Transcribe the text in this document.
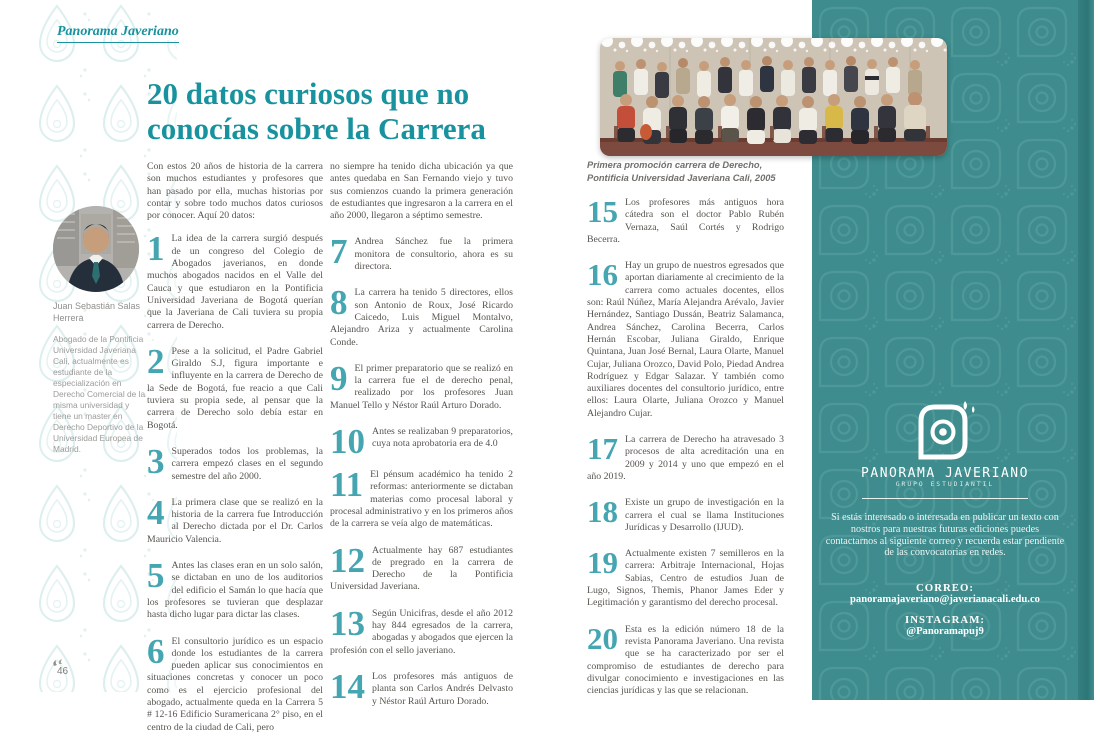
Panorama Javeriano
20 datos curiosos que no
conocías sobre la Carrera
Juan Sebastián Salas Herrera
Abogado de la Pontificia Universidad Javeriana Cali, actualmente es estudiante de la especialización en Derecho Comercial de la misma universidad y tiene un master en Derecho Deportivo de la Universidad Europea de Madrid.
Con estos 20 años de historia de la carrera son muchos estudiantes y profesores que han pasado por ella, muchas historias por contar y sobre todo muchos datos curiosos por conocer. Aquí 20 datos:
1 La idea de la carrera surgió después de un congreso del Colegio de Abogados javerianos, en donde muchos abogados nacidos en el Valle del Cauca y que estudiaron en la Pontificia Universidad Javeriana de Bogotá querían que la Javeriana de Cali tuviera su propia carrera de Derecho.
2 Pese a la solicitud, el Padre Gabriel Giraldo S.J, figura importante e influyente en la carrera de Derecho de la Sede de Bogotá, fue reacio a que Cali tuviera su propia sede, al pensar que la carrera de Derecho solo debía estar en Bogotá.
3 Superados todos los problemas, la carrera empezó clases en el segundo semestre del año 2000.
4 La primera clase que se realizó en la historia de la carrera fue Introducción al Derecho dictada por el Dr. Carlos Mauricio Valencia.
5 Antes las clases eran en un solo salón, se dictaban en uno de los auditorios del edificio el Samán lo que hacía que los profesores se tuvieran que desplazar hasta dicho lugar para dictar las clases.
6 El consultorio jurídico es un espacio donde los estudiantes de la carrera pueden aplicar sus conocimientos en situaciones concretas y conocer un poco como es el ejercicio profesional del abogado, actualmente queda en la Carrera 5 # 12-16 Edificio Suramericana 2° piso, en el centro de la ciudad de Cali, pero
no siempre ha tenido dicha ubicación ya que antes quedaba en San Fernando viejo y tuvo sus comienzos cuando la primera generación de estudiantes que ingresaron a la carrera en el año 2000, llegaron a séptimo semestre.
7 Andrea Sánchez fue la primera monitora de consultorio, ahora es su directora.
8 La carrera ha tenido 5 directores, ellos son Antonio de Roux, José Ricardo Caicedo, Luis Miguel Montalvo, Alejandro Ariza y actualmente Carolina Conde.
9 El primer preparatorio que se realizó en la carrera fue el de derecho penal, realizado por los profesores Juan Manuel Tello y Néstor Raúl Arturo Dorado.
10 Antes se realizaban 9 preparatorios, cuya nota aprobatoria era de 4.0
11 El pénsum académico ha tenido 2 reformas: anteriormente se dictaban materias como procesal laboral y procesal administrativo y en los primeros años de la carrera se veía algo de matemáticas.
12 Actualmente hay 687 estudiantes de pregrado en la carrera de Derecho de la Pontificia Universidad Javeriana.
13 Según Unicifras, desde el año 2012 hay 844 egresados de la carrera, abogadas y abogados que ejercen la profesión con el sello javeriano.
14 Los profesores más antiguos de planta son Carlos Andrés Delvasto y Néstor Raúl Arturo Dorado.
46
PANORAMA JAVERIANO
GRUPO ESTUDIANTIL
Si estás interesado o interesada en publicar un texto con nostros para nuestras futuras ediciones puedes contactarnos al siguiente correo y recuerda estar pendiente de las convocatorias en redes.
CORREO:
panoramajaveriano@javerianacali.edu.co
INSTAGRAM:
@Panoramapuj9
Primera promoción carrera de Derecho,
Pontificia Universidad Javeriana Cali, 2005
15 Los profesores más antiguos hora cátedra son el doctor Pablo Rubén Vernaza, Saúl Cortés y Rodrigo Becerra.
16 Hay un grupo de nuestros egresados que aportan diariamente al crecimiento de la carrera como actuales docentes, ellos son: Raúl Núñez, María Alejandra Arévalo, Javier Hernández, Santiago Dussán, Beatriz Salamanca, Andrea Sánchez, Carolina Becerra, Carlos Hernán Escobar, Juliana Giraldo, Enrique Quintana, Juan José Bernal, Laura Olarte, Manuel Cujar, Juliana Orozco, David Polo, Piedad Andrea Rodríguez y Edgar Salazar. Y también como auxiliares docentes del consultorio jurídico, entre ellos: Laura Olarte, Juliana Orozco y Manuel Alejandro Cujar.
17 La carrera de Derecho ha atravesado 3 procesos de alta acreditación una en 2009 y 2014 y uno que empezó en el año 2019.
18 Existe un grupo de investigación en la carrera el cual se llama Instituciones Jurídicas y Desarrollo (IJUD).
19 Actualmente existen 7 semilleros en la carrera: Arbitraje Internacional, Hojas Sabias, Centro de estudios Juan de Lugo, Signos, Themis, Phanor James Eder y Legitimación y garantismo del derecho procesal.
20 Esta es la edición número 18 de la revista Panorama Javeriano. Una revista que se ha caracterizado por ser el compromiso de estudiantes de derecho para divulgar conocimiento e investigaciones en las ciencias jurídicas y las que se relacionan.
